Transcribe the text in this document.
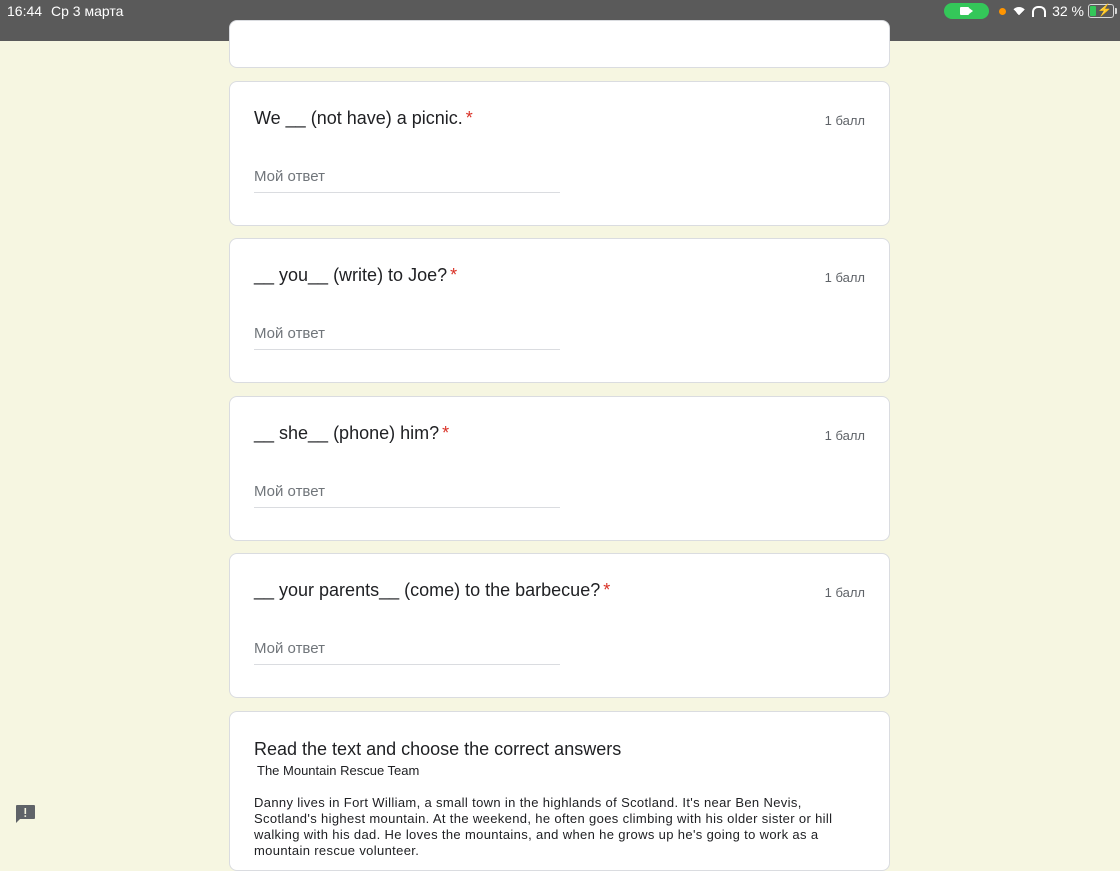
16:44 Ср 3 марта	32 % ⚡
We __ (not have) a picnic. *	1 балл
Мой ответ
__ you__ (write) to Joe? *	1 балл
Мой ответ
__ she__ (phone) him? *	1 балл
Мой ответ
__ your parents__ (come) to the barbecue? *	1 балл
Мой ответ
Read the text and choose the correct answers
The Mountain Rescue Team
Danny lives in Fort William, a small town in the highlands of Scotland. It's near Ben Nevis, Scotland's highest mountain. At the weekend, he often goes climbing with his older sister or hill walking with his dad. He loves the mountains, and when he grows up he's going to work as a mountain rescue volunteer.
